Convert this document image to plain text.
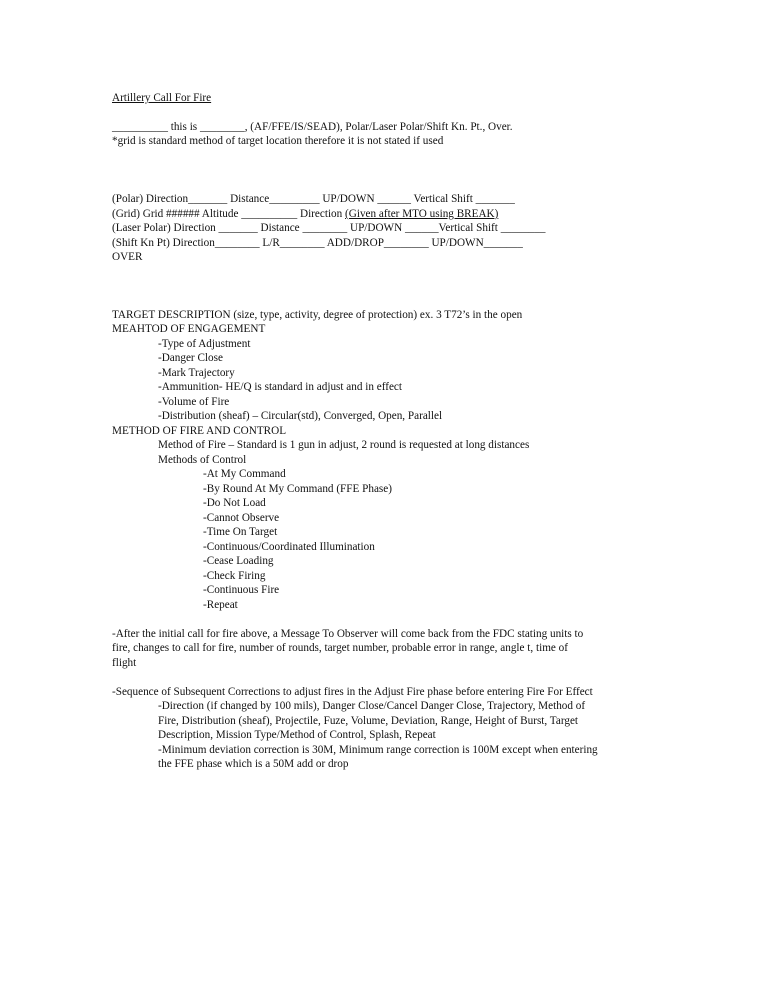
Artillery Call For Fire
__________ this is ________, (AF/FFE/IS/SEAD), Polar/Laser Polar/Shift Kn. Pt., Over.
*grid is standard method of target location therefore it is not stated if used
(Polar) Direction_______ Distance_________ UP/DOWN ______ Vertical Shift _______
(Grid) Grid ###### Altitude __________ Direction (Given after MTO using BREAK)
(Laser Polar) Direction _______ Distance ________ UP/DOWN ______Vertical Shift ________
(Shift Kn Pt) Direction________ L/R________ ADD/DROP________ UP/DOWN_______
OVER
TARGET DESCRIPTION (size, type, activity, degree of protection) ex. 3 T72’s in the open
MEAHTOD OF ENGAGEMENT
-Type of Adjustment
-Danger Close
-Mark Trajectory
-Ammunition- HE/Q is standard in adjust and in effect
-Volume of Fire
-Distribution (sheaf) – Circular(std), Converged, Open, Parallel
METHOD OF FIRE AND CONTROL
Method of Fire – Standard is 1 gun in adjust, 2 round is requested at long distances
Methods of Control
-At My Command
-By Round At My Command (FFE Phase)
-Do Not Load
-Cannot Observe
-Time On Target
-Continuous/Coordinated Illumination
-Cease Loading
-Check Firing
-Continuous Fire
-Repeat
-After the initial call for fire above, a Message To Observer will come back from the FDC stating units to
fire, changes to call for fire, number of rounds, target number, probable error in range, angle t, time of
flight
-Sequence of Subsequent Corrections to adjust fires in the Adjust Fire phase before entering Fire For Effect
-Direction (if changed by 100 mils), Danger Close/Cancel Danger Close, Trajectory, Method of
Fire, Distribution (sheaf), Projectile, Fuze, Volume, Deviation, Range, Height of Burst, Target
Description, Mission Type/Method of Control, Splash, Repeat
-Minimum deviation correction is 30M, Minimum range correction is 100M except when entering
the FFE phase which is a 50M add or drop
